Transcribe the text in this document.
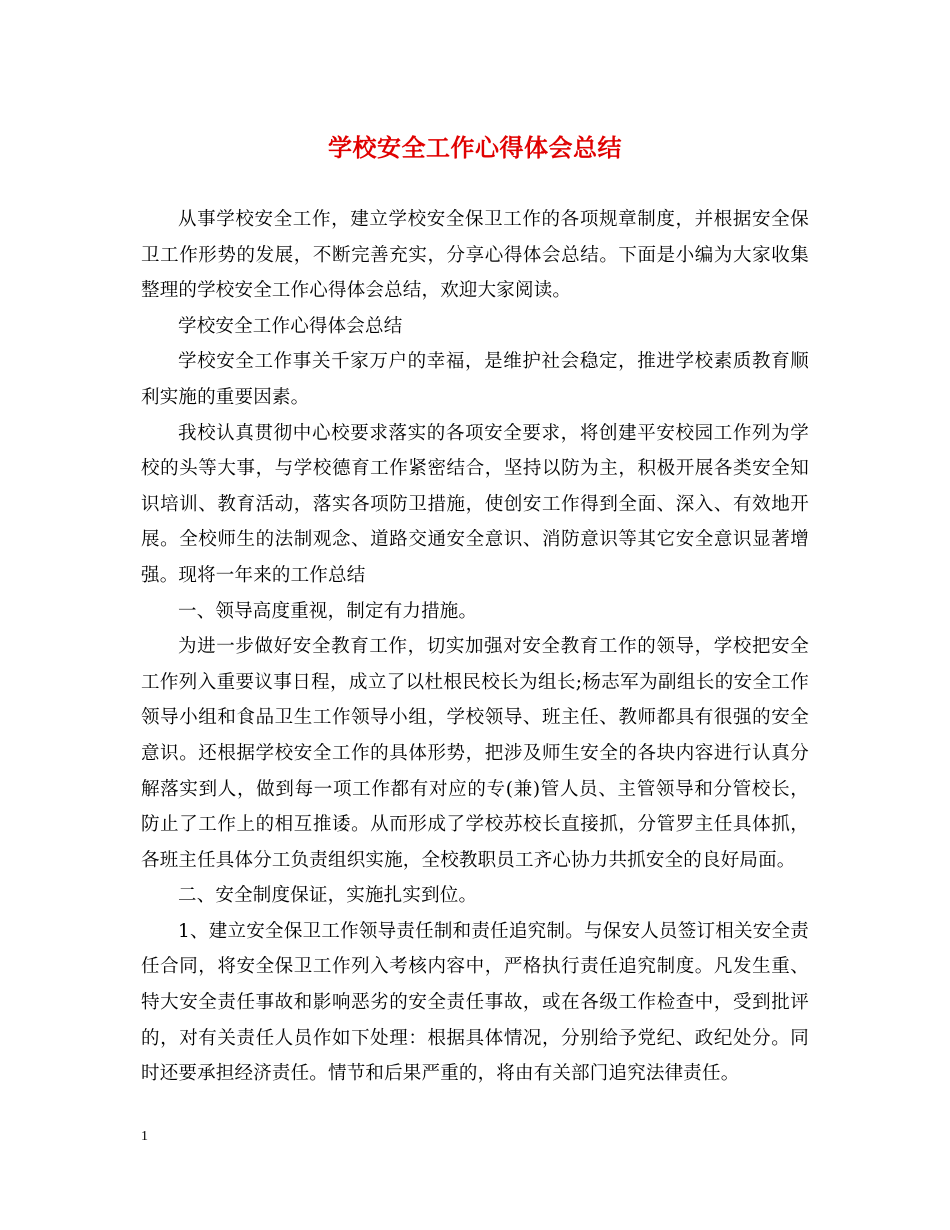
学校安全工作心得体会总结

从事学校安全工作，建立学校安全保卫工作的各项规章制度，并根据安全保卫工作形势的发展，不断完善充实，分享心得体会总结。下面是小编为大家收集整理的学校安全工作心得体会总结，欢迎大家阅读。

学校安全工作心得体会总结

学校安全工作事关千家万户的幸福，是维护社会稳定，推进学校素质教育顺利实施的重要因素。

我校认真贯彻中心校要求落实的各项安全要求，将创建平安校园工作列为学校的头等大事，与学校德育工作紧密结合，坚持以防为主，积极开展各类安全知识培训、教育活动，落实各项防卫措施，使创安工作得到全面、深入、有效地开展。全校师生的法制观念、道路交通安全意识、消防意识等其它安全意识显著增强。现将一年来的工作总结

一、领导高度重视，制定有力措施。

为进一步做好安全教育工作，切实加强对安全教育工作的领导，学校把安全工作列入重要议事日程，成立了以杜根民校长为组长;杨志军为副组长的安全工作领导小组和食品卫生工作领导小组，学校领导、班主任、教师都具有很强的安全意识。还根据学校安全工作的具体形势，把涉及师生安全的各块内容进行认真分解落实到人，做到每一项工作都有对应的专(兼)管人员、主管领导和分管校长，防止了工作上的相互推诿。从而形成了学校苏校长直接抓，分管罗主任具体抓，各班主任具体分工负责组织实施，全校教职员工齐心协力共抓安全的良好局面。

二、安全制度保证，实施扎实到位。

1、建立安全保卫工作领导责任制和责任追究制。与保安人员签订相关安全责任合同，将安全保卫工作列入考核内容中，严格执行责任追究制度。凡发生重、特大安全责任事故和影响恶劣的安全责任事故，或在各级工作检查中，受到批评的，对有关责任人员作如下处理：根据具体情况，分别给予党纪、政纪处分。同时还要承担经济责任。情节和后果严重的，将由有关部门追究法律责任。

1
